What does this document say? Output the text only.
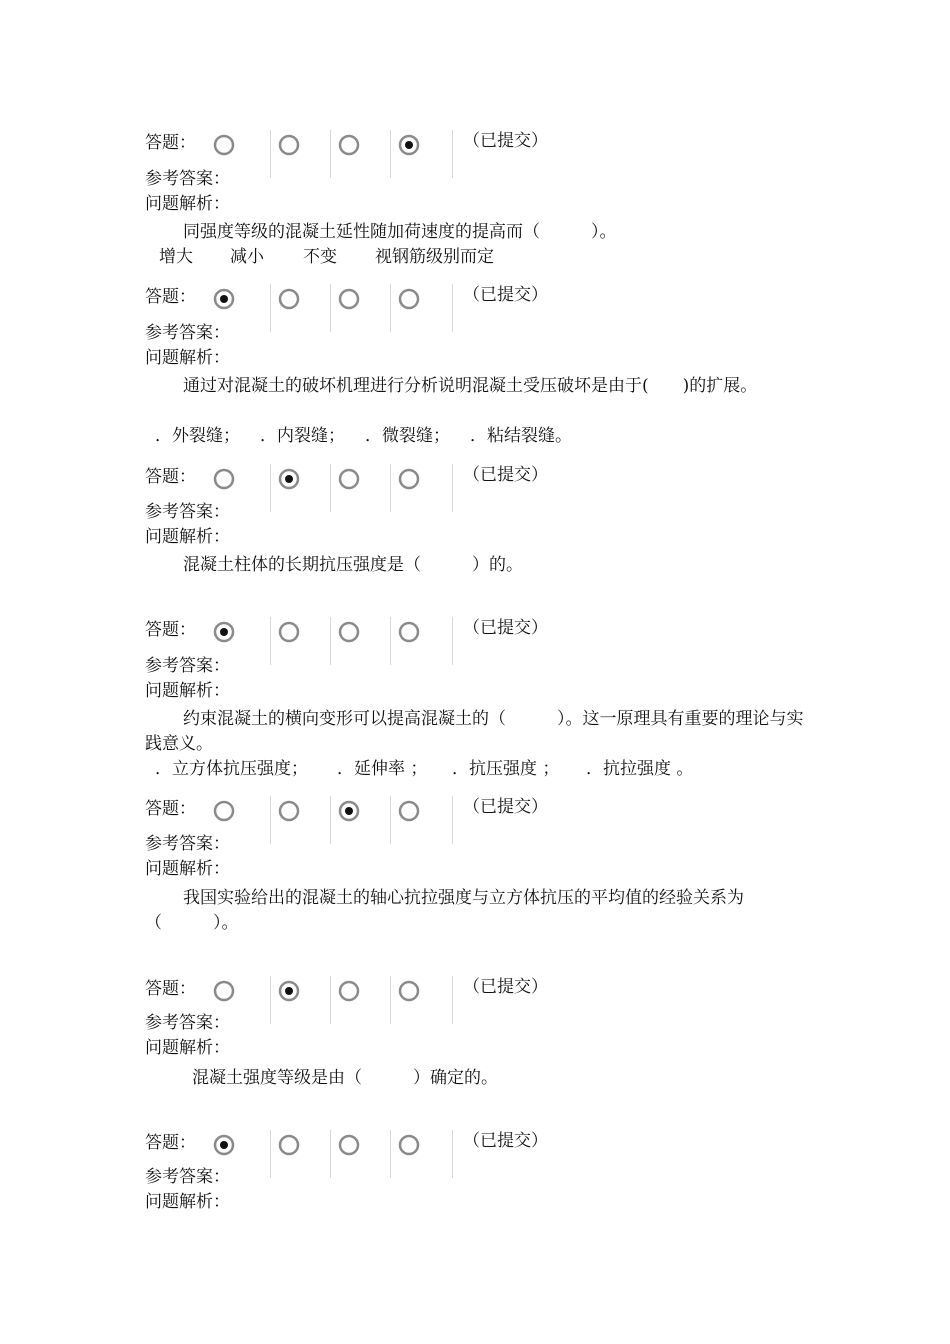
答题：	（已提交）
参考答案：
问题解析：
同强度等级的混凝土延性随加荷速度的提高而（　　　）。
增大 减小 不变 视钢筋级别而定
答题：	（已提交）
参考答案：
问题解析：
通过对混凝土的破坏机理进行分析说明混凝土受压破坏是由于(　　)的扩展。
．外裂缝； ．内裂缝； ．微裂缝； ．粘结裂缝。
答题：	（已提交）
参考答案：
问题解析：
混凝土柱体的长期抗压强度是（　　　）的。
答题：	（已提交）
参考答案：
问题解析：
约束混凝土的横向变形可以提高混凝土的（　　　）。这一原理具有重要的理论与实践意义。
．立方体抗压强度； ．延伸率 ； ．抗压强度 ； ．抗拉强度 。
答题：	（已提交）
参考答案：
问题解析：
我国实验给出的混凝土的轴心抗拉强度与立方体抗压的平均值的经验关系为（　　　）。
答题：	（已提交）
参考答案：
问题解析：
混凝土强度等级是由（　　　）确定的。
答题：	（已提交）
参考答案：
问题解析：
